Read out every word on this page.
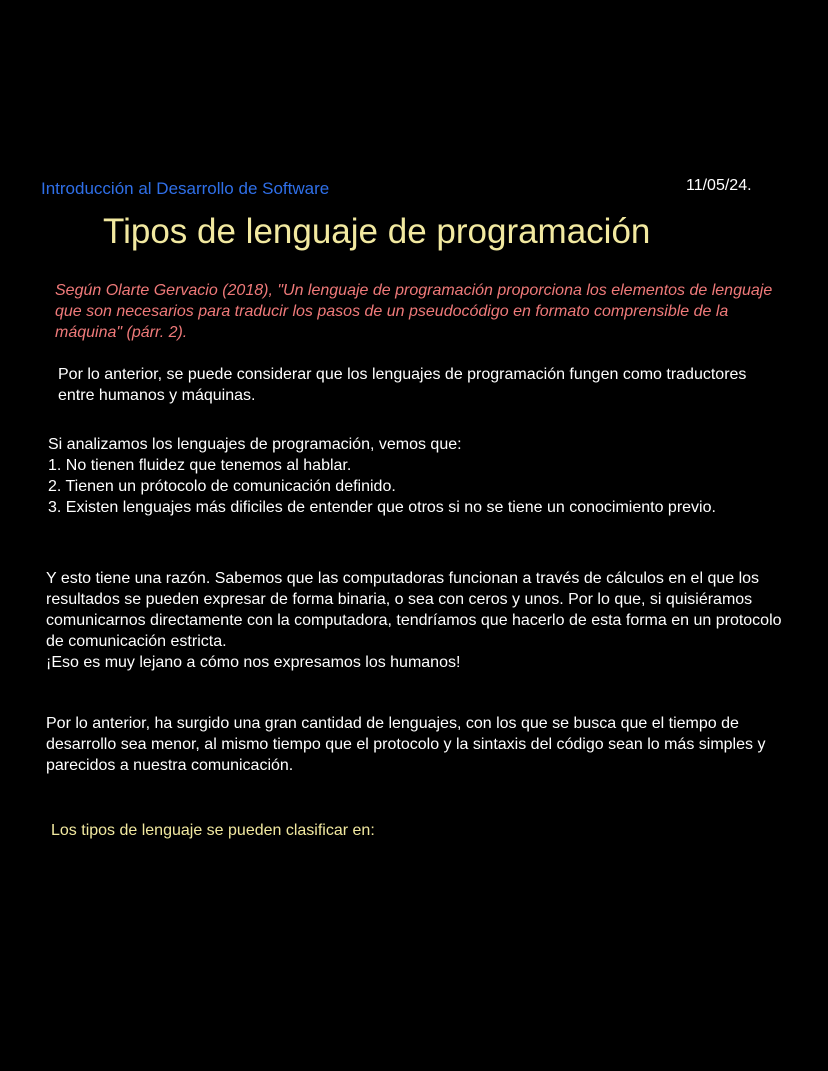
Introducción al Desarrollo de Software	11/05/24.
Tipos de lenguaje de programación

Según Olarte Gervacio (2018), "Un lenguaje de programación proporciona los elementos de lenguaje que son necesarios para traducir los pasos de un pseudocódigo en formato comprensible de la máquina" (párr. 2).

Por lo anterior, se puede considerar que los lenguajes de programación fungen como traductores entre humanos y máquinas.

Si analizamos los lenguajes de programación, vemos que:
1. No tienen fluidez que tenemos al hablar.
2. Tienen un prótocolo de comunicación definido.
3. Existen lenguajes más dificiles de entender que otros si no se tiene un conocimiento previo.
Y esto tiene una razón. Sabemos que las computadoras funcionan a través de cálculos en el que los resultados se pueden expresar de forma binaria, o sea con ceros y unos. Por lo que, si quisiéramos comunicarnos directamente con la computadora, tendríamos que hacerlo de esta forma en un protocolo de comunicación estricta.
¡Eso es muy lejano a cómo nos expresamos los humanos!

Por lo anterior, ha surgido una gran cantidad de lenguajes, con los que se busca que el tiempo de desarrollo sea menor, al mismo tiempo que el protocolo y la sintaxis del código sean lo más simples y parecidos a nuestra comunicación.

Los tipos de lenguaje se pueden clasificar en:
